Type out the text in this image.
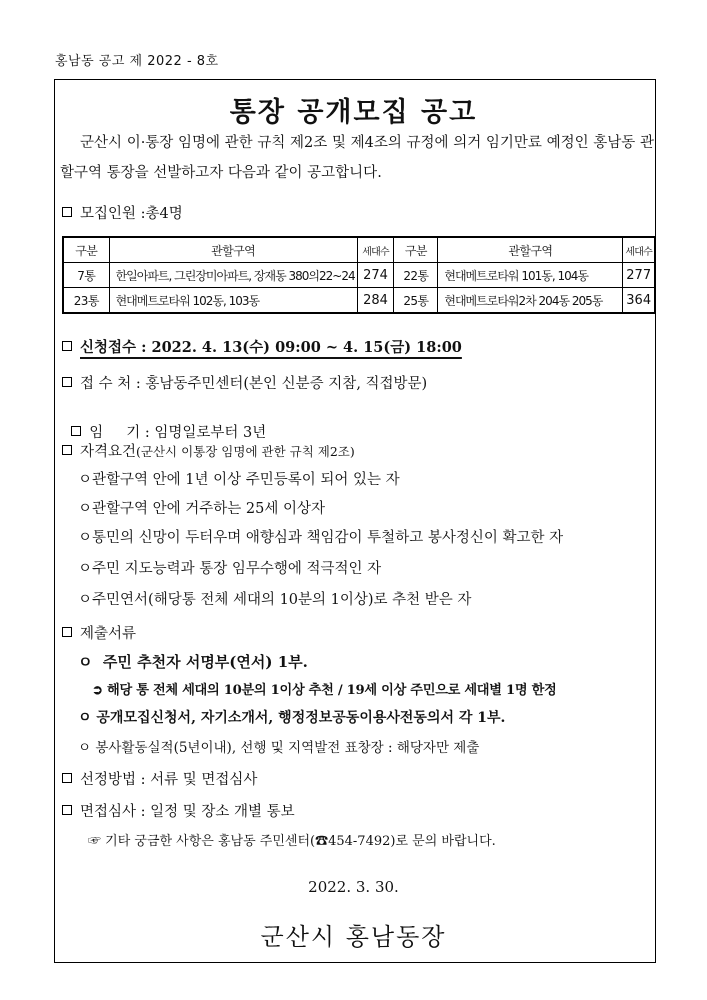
홍남동 공고 제 2022 - 8호
통장 공개모집 공고
군산시 이·통장 임명에 관한 규칙 제2조 및 제4조의 규정에 의거 임기만료 예정인 홍남동 관할구역 통장을 선발하고자 다음과 같이 공고합니다.
모집인원 :총4명
구분	관할구역	세대수	구분	관할구역	세대수
7통	한일아파트, 그린장미아파트, 장재동 380의22~24	274	22통	현대메트로타워 101동, 104동	277
23통	현대메트로타워 102동, 103동	284	25통	현대메트로타워2차 204동 205동	364
신청접수 : 2022. 4. 13(수) 09:00 ~ 4. 15(금) 18:00
접 수 처 : 홍남동주민센터(본인 신분증 지참, 직접방문)

임     기 : 임명일로부터 3년

자격요건(군산시 이통장 임명에 관한 규칙 제2조)
ㅇ관할구역 안에 1년 이상 주민등록이 되어 있는 자
ㅇ관할구역 안에 거주하는 25세 이상자
ㅇ통민의 신망이 두터우며 애향심과 책임감이 투철하고 봉사정신이 확고한 자
ㅇ주민 지도능력과 통장 임무수행에 적극적인 자
ㅇ주민연서(해당통 전체 세대의 10분의 1이상)로 추천 받은 자
제출서류
ㅇ  주민 추천자 서명부(연서) 1부.
➲ 해당 통 전체 세대의 10분의 1이상 추천 / 19세 이상 주민으로 세대별 1명 한정
ㅇ 공개모집신청서, 자기소개서, 행정정보공동이용사전동의서 각 1부.
ㅇ 봉사활동실적(5년이내), 선행 및 지역발전 표창장 : 해당자만 제출
선정방법 : 서류 및 면접심사
면접심사 : 일정 및 장소 개별 통보
☞ 기타 궁금한 사항은 홍남동 주민센터(☎454-7492)로 문의 바랍니다.
2022. 3. 30.
군산시 홍남동장
